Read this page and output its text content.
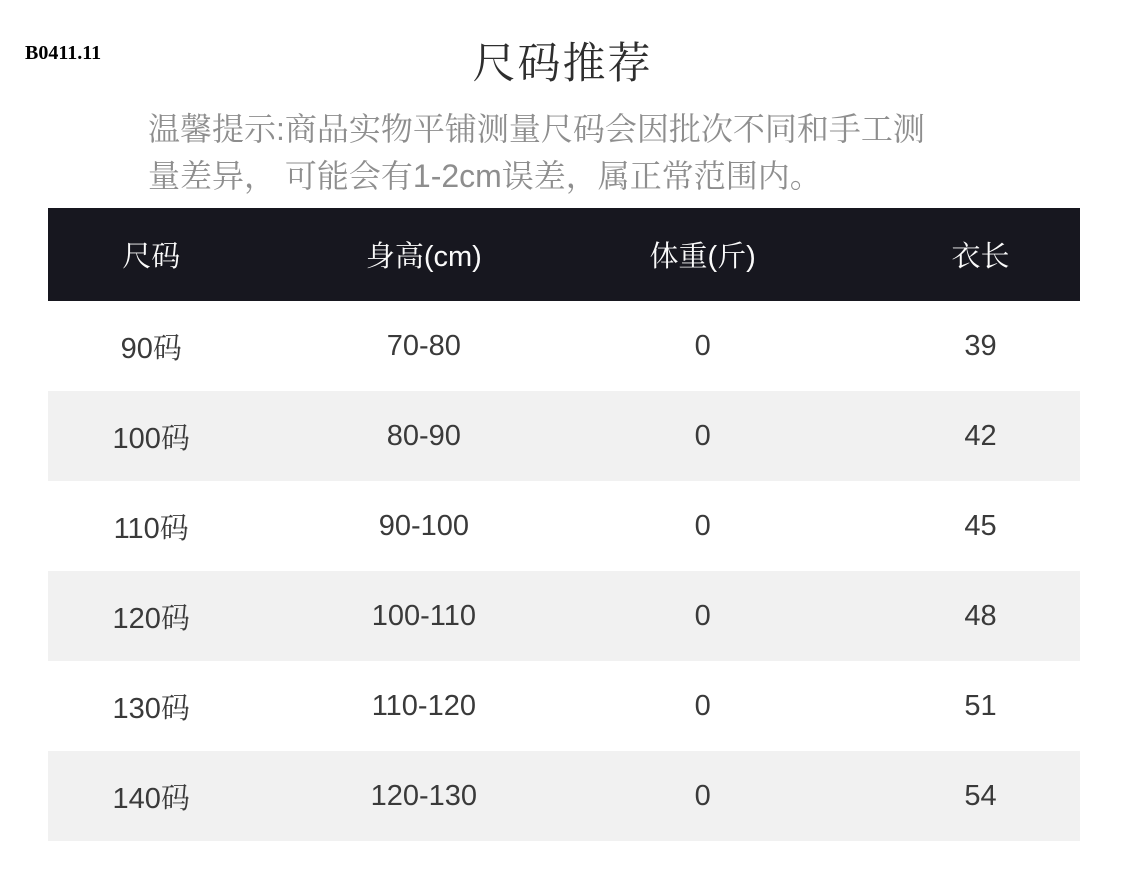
B0411.11	尺码推荐
温馨提示:商品实物平铺测量尺码会因批次不同和手工测
量差异， 可能会有1-2cm误差，属正常范围内。
尺码	身高(cm)	体重(斤)	衣长
90码	70-80	0	39
100码	80-90	0	42
110码	90-100	0	45
120码	100-110	0	48
130码	110-120	0	51
140码	120-130	0	54
